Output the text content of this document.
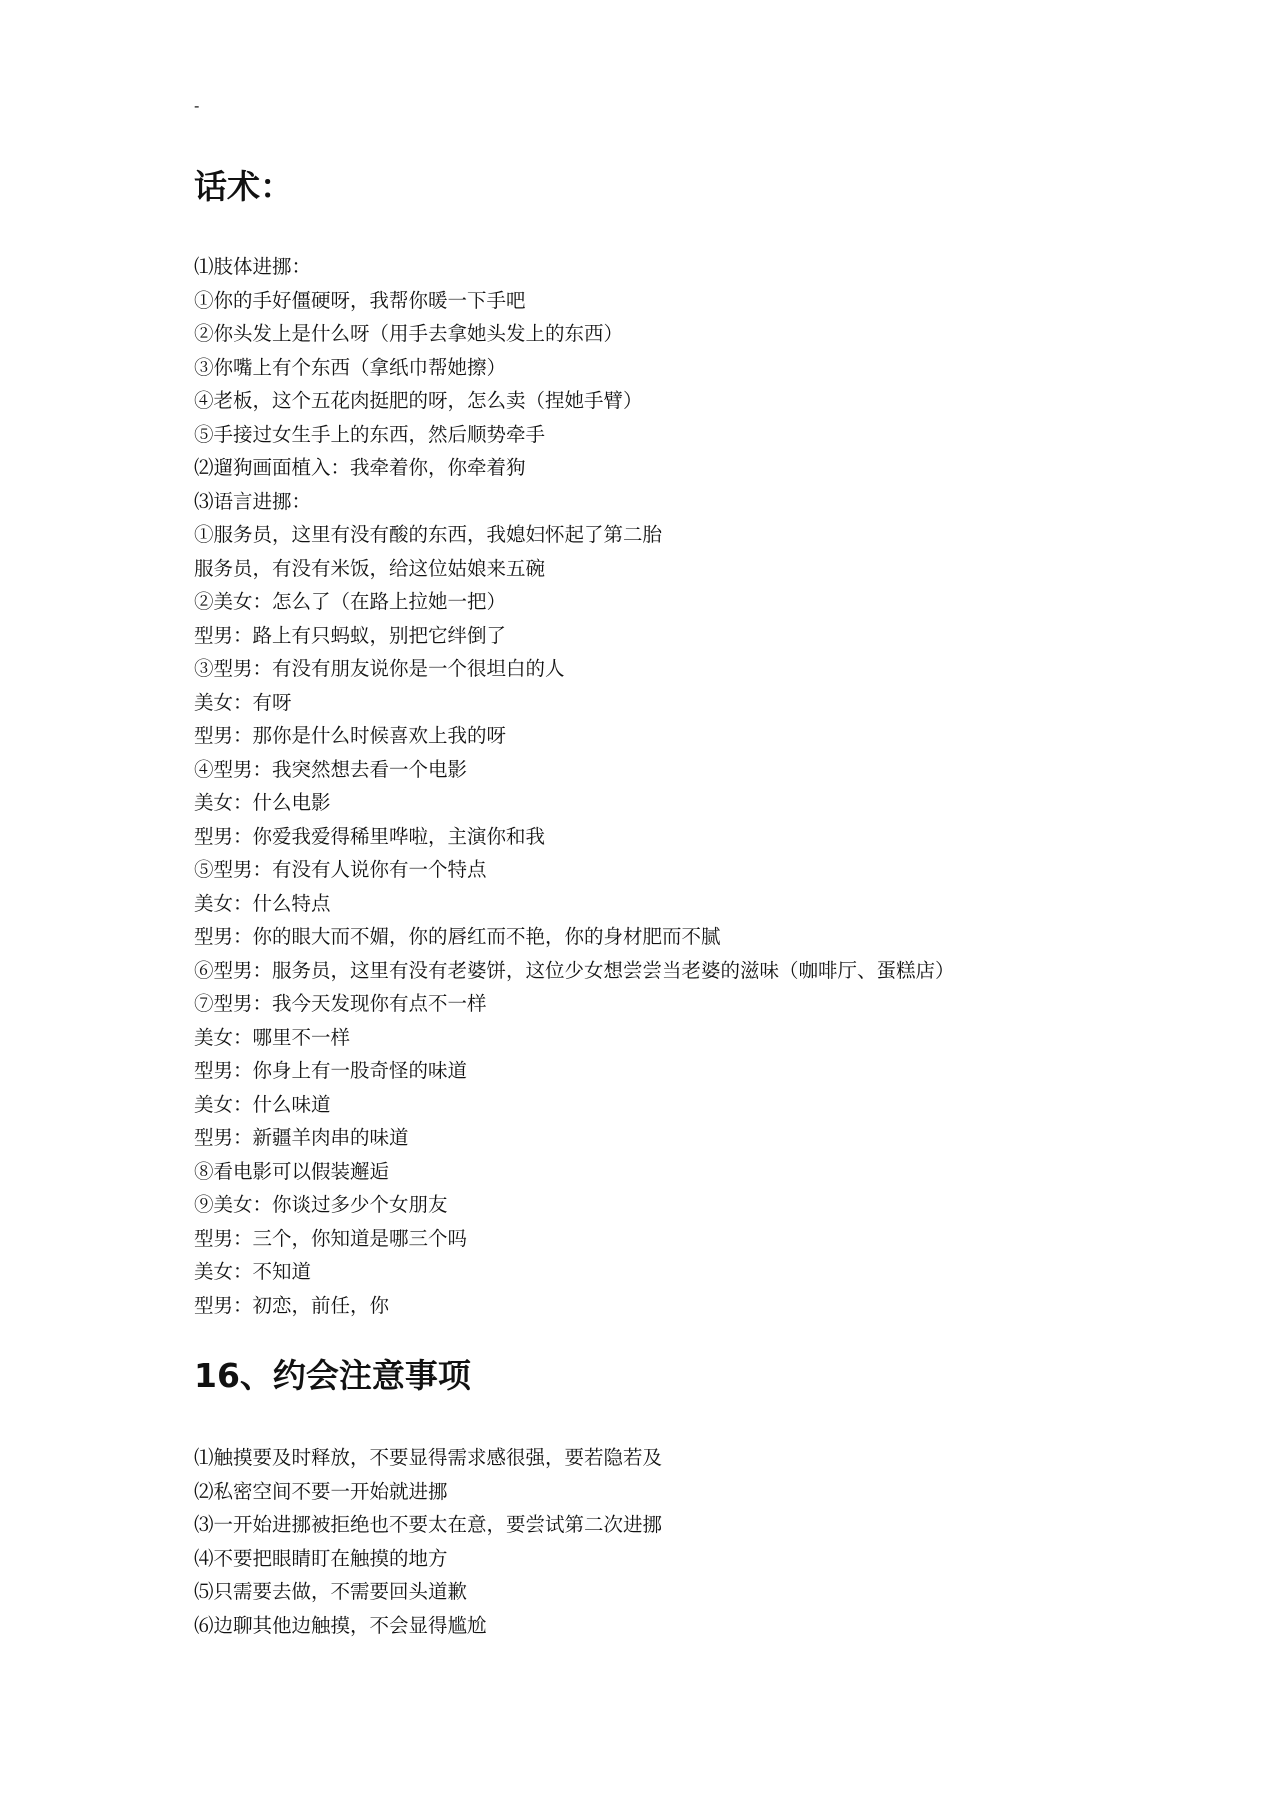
-
话术：
⑴肢体进挪：
①你的手好僵硬呀，我帮你暖一下手吧
②你头发上是什么呀（用手去拿她头发上的东西）
③你嘴上有个东西（拿纸巾帮她擦）
④老板，这个五花肉挺肥的呀，怎么卖（捏她手臂）
⑤手接过女生手上的东西，然后顺势牵手
⑵遛狗画面植入：我牵着你，你牵着狗
⑶语言进挪：
①服务员，这里有没有酸的东西，我媳妇怀起了第二胎
服务员，有没有米饭，给这位姑娘来五碗
②美女：怎么了（在路上拉她一把）
型男：路上有只蚂蚁，别把它绊倒了
③型男：有没有朋友说你是一个很坦白的人
美女：有呀
型男：那你是什么时候喜欢上我的呀
④型男：我突然想去看一个电影
美女：什么电影
型男：你爱我爱得稀里哗啦，主演你和我
⑤型男：有没有人说你有一个特点
美女：什么特点
型男：你的眼大而不媚，你的唇红而不艳，你的身材肥而不腻
⑥型男：服务员，这里有没有老婆饼，这位少女想尝尝当老婆的滋味（咖啡厅、蛋糕店）
⑦型男：我今天发现你有点不一样
美女：哪里不一样
型男：你身上有一股奇怪的味道
美女：什么味道
型男：新疆羊肉串的味道
⑧看电影可以假装邂逅
⑨美女：你谈过多少个女朋友
型男：三个，你知道是哪三个吗
美女：不知道
型男：初恋，前任，你
16、约会注意事项
⑴触摸要及时释放，不要显得需求感很强，要若隐若及
⑵私密空间不要一开始就进挪
⑶一开始进挪被拒绝也不要太在意，要尝试第二次进挪
⑷不要把眼睛盯在触摸的地方
⑸只需要去做，不需要回头道歉
⑹边聊其他边触摸，不会显得尴尬
